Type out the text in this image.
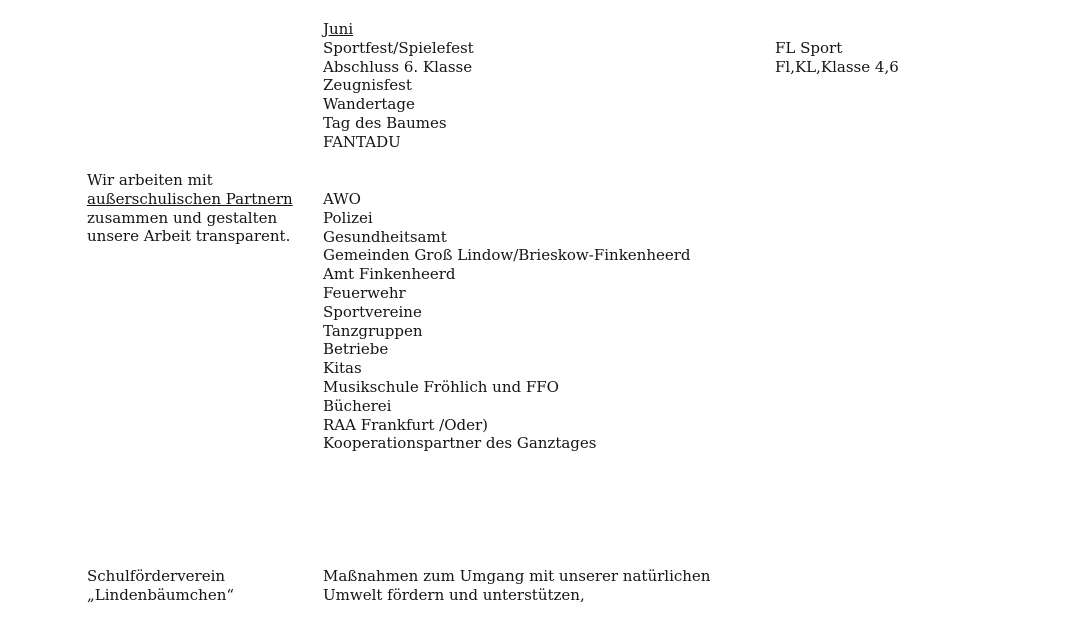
Juni
Sportfest/Spielefest
Abschluss 6. Klasse
Zeugnisfest
Wandertage
Tag des Baumes
FANTADU
FL Sport
Fl,KL,Klasse 4,6
Wir arbeiten mit
außerschulischen Partnern
zusammen und gestalten
unsere Arbeit transparent.
AWO
Polizei
Gesundheitsamt
Gemeinden Groß Lindow/Brieskow-Finkenheerd
Amt Finkenheerd
Feuerwehr
Sportvereine
Tanzgruppen
Betriebe
Kitas
Musikschule Fröhlich und FFO
Bücherei
RAA Frankfurt /Oder)
Kooperationspartner des Ganztages
Schulförderverein
„Lindenbäumchen“
Maßnahmen zum Umgang mit unserer natürlichen
Umwelt fördern und unterstützen,
